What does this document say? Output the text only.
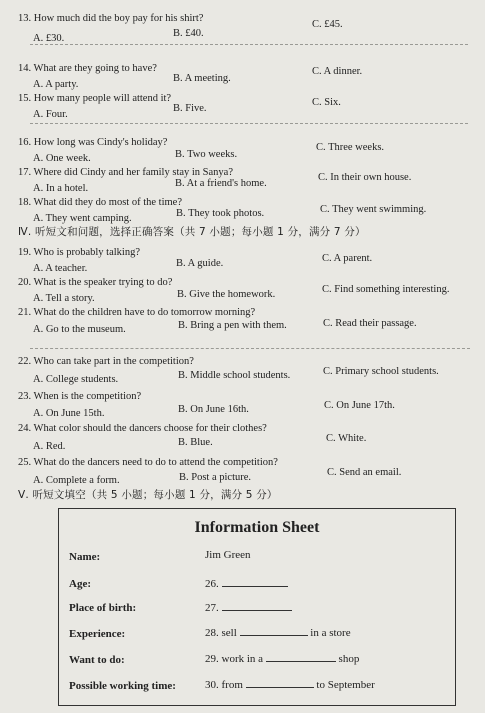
13. How much did the boy pay for his shirt?
A. £30.	B. £40.
C. £45.
14. What are they going to have?
A. A party.
B. A meeting.
C. A dinner.
15. How many people will attend it?
A. Four.
B. Five.
C. Six.
16. How long was Cindy's holiday?
A. One week.	B. Two weeks.
C. Three weeks.
17. Where did Cindy and her family stay in Sanya?
A. In a hotel.	B. At a friend's home.
C. In their own house.
18. What did they do most of the time?
A. They went camping.	B. They took photos.	C. They went swimming.
Ⅳ. 听短文和问题，选择正确答案（共 7 小题；每小题 1 分，满分 7 分）
19. Who is probably talking?
A. A teacher.	B. A guide.	C. A parent.
20. What is the speaker trying to do?
A. Tell a story.	B. Give the homework.	C. Find something interesting.
21. What do the children have to do tomorrow morning?
A. Go to the museum.	B. Bring a pen with them.	C. Read their passage.
22. Who can take part in the competition?
A. College students.	B. Middle school students.	C. Primary school students.
23. When is the competition?
A. On June 15th.	B. On June 16th.	C. On June 17th.
24. What color should the dancers choose for their clothes?
A. Red.	B. Blue.	C. White.
25. What do the dancers need to do to attend the competition?
A. Complete a form.	B. Post a picture.	C. Send an email.
Ⅴ. 听短文填空（共 5 小题；每小题 1 分，满分 5 分）
Information Sheet
Name:	Jim Green
Age:	26.
Place of birth:	27.
Experience:	28. sell	in a store
Want to do:	29. work in a	shop
Possible working time:	30. from	to September
